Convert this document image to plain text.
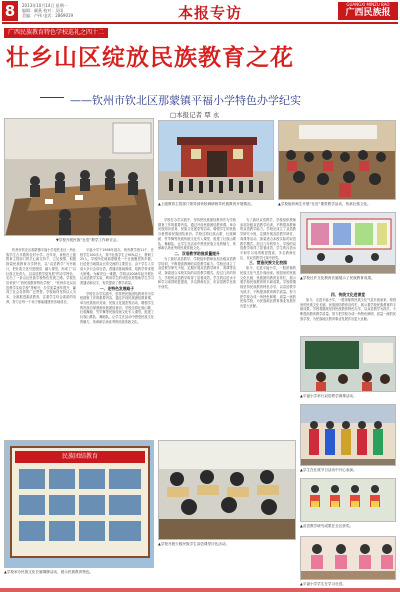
8	2013年10月14日 星期一
编辑：颜燕 校对：吴雨
美编：卢伟 电话：2869019	本报专访	GUANGXI MINZU BAO
广西民族报
广西民族教育特色学校巡礼之四十二
壮乡山区绽放民族教育之花
——钦州市钦北区那蒙镇平福小学特色办学纪实
□本报记者 覃 永
▼学校开展民族“壮语”教学工作研讨会。
▲上级教育主管部门领导到该校调研督导民族教育开展情况。	▲学校组织师生开展“壮语”课堂教学活动，传承壮族文化。

钦州市钦北区那蒙镇平福小学是钦北区一所壮族学生占多数的农村小学。近年来，该校在上级教育主管部门的关心和支持下，立足校情，积极探索民族教育办学特色，以“双语教学”为突破口，把壮族文化引进校园、融入课堂，形成了“以壮族文化育人，以双语教学促发展”的办学特色，走出了一条山区民族学校特色发展之路。学校先后荣获“广西民族教育特色学校”、“钦州市壮汉双语教学实验学校”等称号，办学质量逐年提升，赢得了社会各界的广泛赞誉。学校始终坚持以人为本，全面推进素质教育，注重学生综合素质的培养，努力让每一个孩子都能健康快乐地成长。

平福小学于1958年创办，现有教学班11个，在校学生400多人，其中壮族学生占95%以上，教职工25人。学校所在地那蒙镇是一个壮族聚居的乡镇，壮语是当地群众日常交流的主要语言。由于学生入学前大多只会讲壮语，普通话基础薄弱，给教学带来很大困难。为解决这一难题，学校从2008年起开展壮汉双语教学实验，利用学生的母语优势帮助学生学习普通话和汉字，有效提高了教学质量。

一、走特色发展路子

学校在办学实践中，坚持把民族团结教育作为学校德育工作的重要内容，通过开设民族团结教育课，举办民族知识竞赛、民族文化展览等活动，增强学生的民族自豪感和民族团结意识。学校还将壮族山歌、壮族舞蹈、竹竿舞等民族传统文化引入课堂，组建了壮族山歌队、舞蹈队，让学生在活动中感受民族文化的魅力，传承和弘扬优秀的民族传统文化。

学校在办学实践中，坚持把民族团结教育作为学校德育工作的重要内容，通过开设民族团结教育课，举办民族知识竞赛、民族文化展览等活动，增强学生的民族自豪感和民族团结意识。学校还将壮族山歌、壮族舞蹈、竹竿舞等民族传统文化引入课堂，组建了壮族山歌队、舞蹈队，让学生在活动中感受民族文化的魅力，传承和弘扬优秀的民族传统文化。

二、双语教学助推质量提升

为了搞好双语教学，学校组织教师参加各级双语教学培训，不断提高教师的双语教学能力。学校还成立了双语教学研究小组，定期开展双语教学研讨、赛课等活动，探索适合本校实际的双语教学模式。经过几年的努力，学校的双语教学取得了显著成效，学生的汉语水平和学习成绩明显提高，多名教师在区、市双语教学比赛中获奖。

为了搞好双语教学，学校组织教师参加各级双语教学培训，不断提高教师的双语教学能力。学校还成立了双语教学研究小组，定期开展双语教学研讨、赛课等活动，探索适合本校实际的双语教学模式。经过几年的努力，学校的双语教学取得了显著成效，学生的汉语水平和学习成绩明显提高，多名教师在区、市双语教学比赛中获奖。

三、营造民族文化校园

如今，走进平福小学，一股浓郁的民族文化气息扑面而来。校园里的民族文化长廊、民族团结教育宣传栏，展示着学校民族教育的丰硕成果。学校将继续坚持民族教育特色办学，以双语教学为抓手，不断提高教育教学质量，努力把学校办成一所特色鲜明、质量一流的民族学校，为民族地区教育事业发展作出更大贡献。

▲学校壮乡文化教育长廊展示了民族教育成果。

四、传统文化进课堂

如今，走进平福小学，一股浓郁的民族文化气息扑面而来。校园里的民族文化长廊、民族团结教育宣传栏，展示着学校民族教育的丰硕成果。学校将继续坚持民族教育特色办学，以双语教学为抓手，不断提高教育教学质量，努力把学校办成一所特色鲜明、质量一流的民族学校，为民族地区教育事业发展作出更大贡献。

▲平福小学举行双语教学赛课活动。
▲学生在壮族节日活动中开心表演。
民族团结教育
▲学校举办民族文化长廊揭牌活动，展示民族教育特色。
▲学校开展少数民族学生双语课堂评比活动。
▲双语教学研究成果在全区获奖。
▲平福小学学生在学习壮语。
